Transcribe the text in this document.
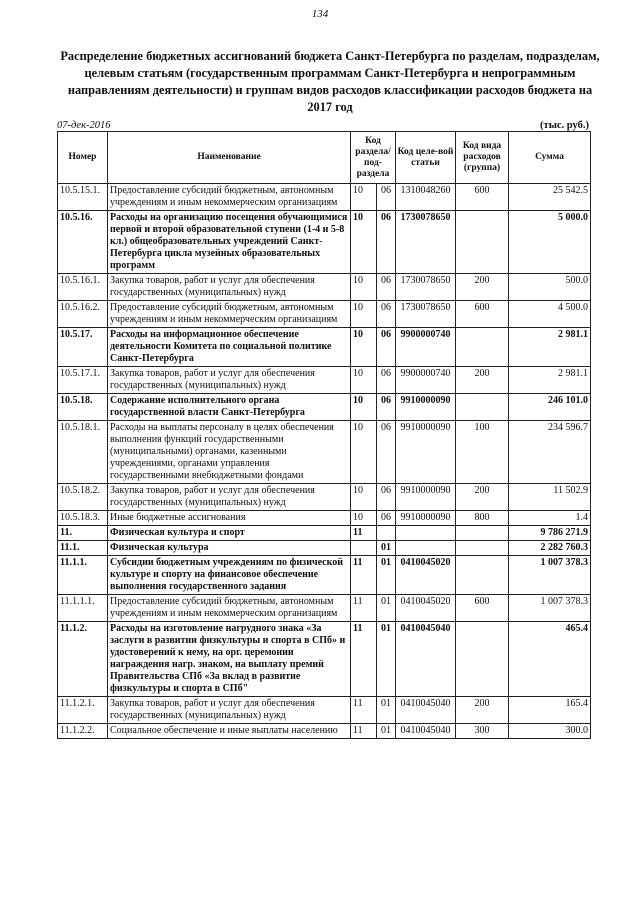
134
Распределение бюджетных ассигнований бюджета Санкт-Петербурга по разделам, подразделам, целевым статьям (государственным программам Санкт-Петербурга и непрограммным направлениям деятельности) и группам видов расходов классификации расходов бюджета на 2017 год
07-дек-2016	(тыс. руб.)
Номер	Наименование	Код раздела/ под-раздела		Код целе-вой статьи	Код вида расходов (группа)	Сумма
10.5.15.1.	Предоставление субсидий бюджетным, автономным учреждениям и иным некоммерческим организациям	10	06	1310048260	600	25 542.5
10.5.16.	Расходы на организацию посещения обучающимися первой и второй образовательной ступени (1-4 и 5-8 кл.) общеобразовательных учреждений Санкт-Петербурга цикла музейных образовательных программ	10	06	1730078650		5 000.0
10.5.16.1.	Закупка товаров, работ и услуг для обеспечения государственных (муниципальных) нужд	10	06	1730078650	200	500.0
10.5.16.2.	Предоставление субсидий бюджетным, автономным учреждениям и иным некоммерческим организациям	10	06	1730078650	600	4 500.0
10.5.17.	Расходы на информационное обеспечение деятельности Комитета по социальной политике Санкт-Петербурга	10	06	9900000740		2 981.1
10.5.17.1.	Закупка товаров, работ и услуг для обеспечения государственных (муниципальных) нужд	10	06	9900000740	200	2 981.1
10.5.18.	Содержание исполнительного органа государственной власти Санкт-Петербурга	10	06	9910000090		246 101.0
10.5.18.1.	Расходы на выплаты персоналу в целях обеспечения выполнения функций государственными (муниципальными) органами, казенными учреждениями, органами управления государственными внебюджетными фондами	10	06	9910000090	100	234 596.7
10.5.18.2.	Закупка товаров, работ и услуг для обеспечения государственных (муниципальных) нужд	10	06	9910000090	200	11 502.9
10.5.18.3.	Иные бюджетные ассигнования	10	06	9910000090	800	1.4
11.	Физическая культура и спорт	11				9 786 271.9
11.1.	Физическая культура		01			2 282 760.3
11.1.1.	Субсидии бюджетным учреждениям по физической культуре и спорту на финансовое обеспечение выполнения государственного задания	11	01	0410045020		1 007 378.3
11.1.1.1.	Предоставление субсидий бюджетным, автономным учреждениям и иным некоммерческим организациям	11	01	0410045020	600	1 007 378.3
11.1.2.	Расходы на изготовление нагрудного знака «За заслуги в развитии физкультуры и спорта в СПб» и удостоверений к нему, на орг. церемонии награждения нагр. знаком, на выплату премий Правительства СПб «За вклад в развитие физкультуры и спорта в СПб"	11	01	0410045040		465.4
11.1.2.1.	Закупка товаров, работ и услуг для обеспечения государственных (муниципальных) нужд	11	01	0410045040	200	165.4
11.1.2.2.	Социальное обеспечение и иные выплаты населению	11	01	0410045040	300	300.0
